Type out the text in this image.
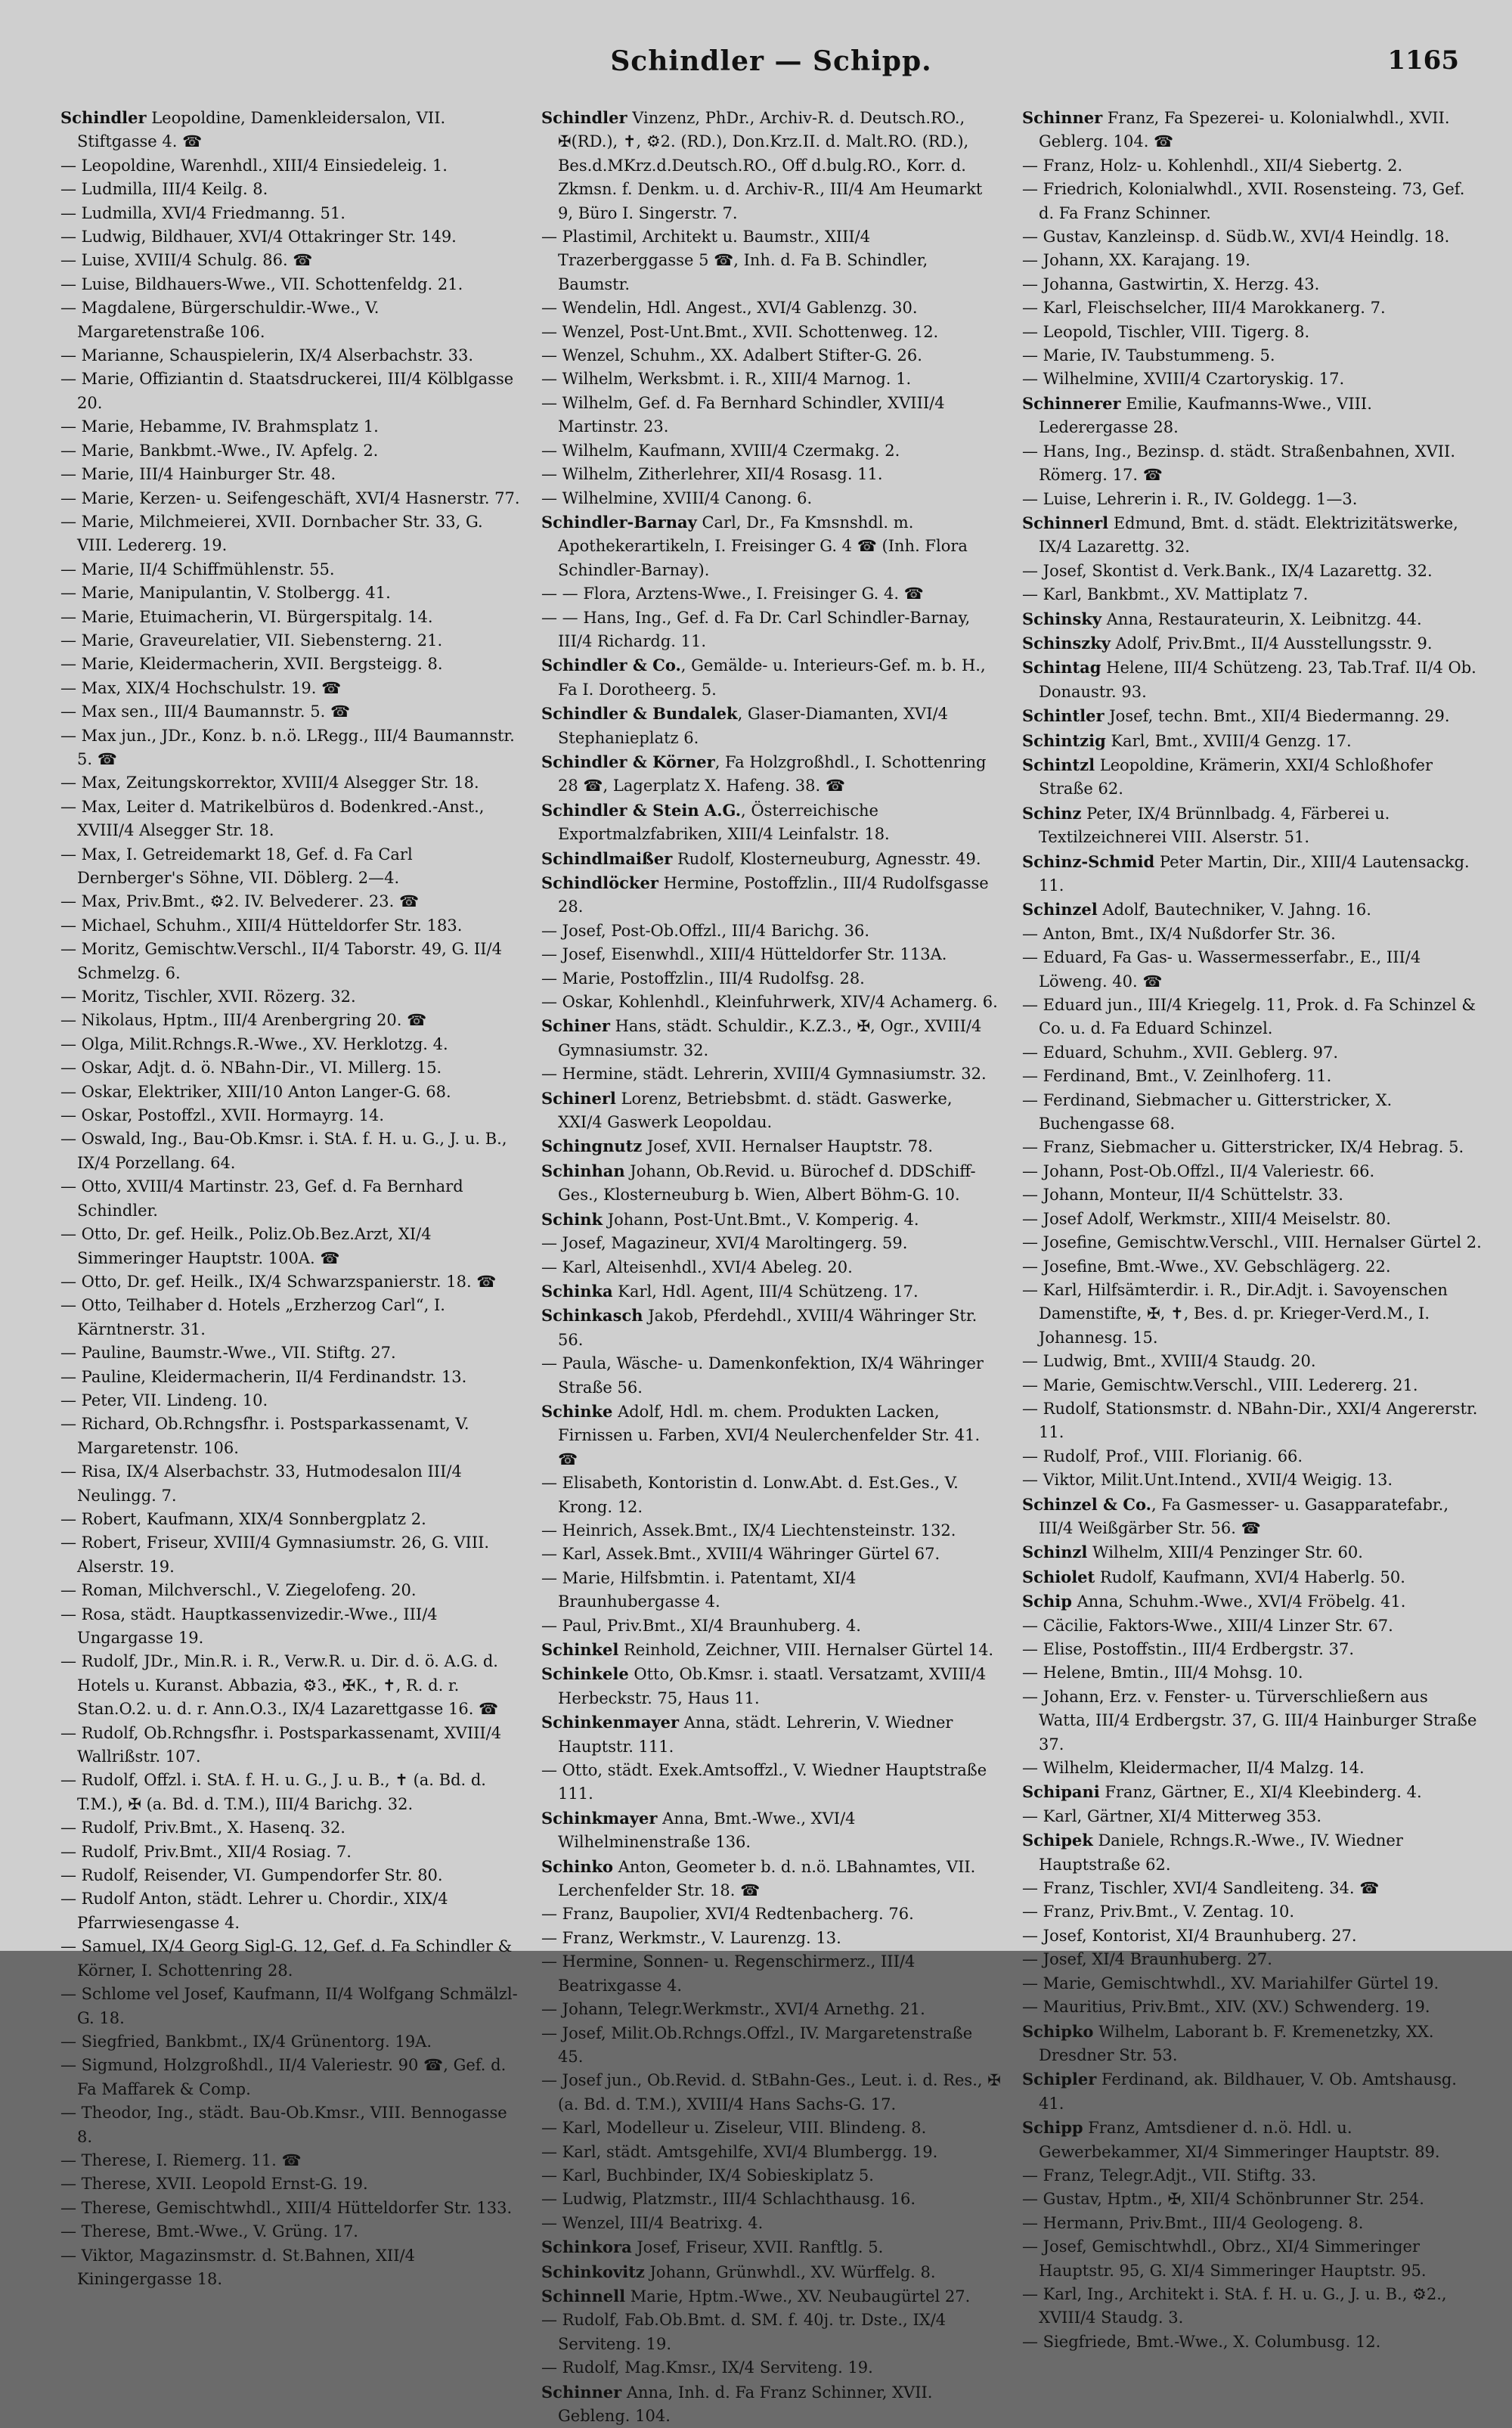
Schindler — Schipp.	1165

Schindler Leopoldine, Damenkleidersalon, VII. Stiftgasse 4. ☎

— Leopoldine, Warenhdl., XIII/4 Einsiedeleig. 1.

— Ludmilla, III/4 Keilg. 8.

— Ludmilla, XVI/4 Friedmanng. 51.

— Ludwig, Bildhauer, XVI/4 Ottakringer Str. 149.

— Luise, XVIII/4 Schulg. 86. ☎

— Luise, Bildhauers-Wwe., VII. Schottenfeldg. 21.

— Magdalene, Bürgerschuldir.-Wwe., V. Margaretenstraße 106.

— Marianne, Schauspielerin, IX/4 Alserbachstr. 33.

— Marie, Offiziantin d. Staatsdruckerei, III/4 Kölblgasse 20.

— Marie, Hebamme, IV. Brahmsplatz 1.

— Marie, Bankbmt.-Wwe., IV. Apfelg. 2.

— Marie, III/4 Hainburger Str. 48.

— Marie, Kerzen- u. Seifengeschäft, XVI/4 Hasnerstr. 77.

— Marie, Milchmeierei, XVII. Dornbacher Str. 33, G. VIII. Ledererg. 19.

— Marie, II/4 Schiffmühlenstr. 55.

— Marie, Manipulantin, V. Stolbergg. 41.

— Marie, Etuimacherin, VI. Bürgerspitalg. 14.

— Marie, Graveurelatier, VII. Siebensterng. 21.

— Marie, Kleidermacherin, XVII. Bergsteigg. 8.

— Max, XIX/4 Hochschulstr. 19. ☎

— Max sen., III/4 Baumannstr. 5. ☎

— Max jun., JDr., Konz. b. n.ö. LRegg., III/4 Baumannstr. 5. ☎

— Max, Zeitungskorrektor, XVIII/4 Alsegger Str. 18.

— Max, Leiter d. Matrikelbüros d. Bodenkred.-Anst., XVIII/4 Alsegger Str. 18.

— Max, I. Getreidemarkt 18, Gef. d. Fa Carl Dernberger's Söhne, VII. Döblerg. 2—4.

— Max, Priv.Bmt., ⚙2. IV. Belvederег. 23. ☎

— Michael, Schuhm., XIII/4 Hütteldorfer Str. 183.

— Moritz, Gemischtw.Verschl., II/4 Taborstr. 49, G. II/4 Schmelzg. 6.

— Moritz, Tischler, XVII. Rözerg. 32.

— Nikolaus, Hptm., III/4 Arenbergring 20. ☎

— Olga, Milit.Rchngs.R.-Wwe., XV. Herklotzg. 4.

— Oskar, Adjt. d. ö. NBahn-Dir., VI. Millerg. 15.

— Oskar, Elektriker, XIII/10 Anton Langer-G. 68.

— Oskar, Postoffzl., XVII. Hormayrg. 14.

— Oswald, Ing., Bau-Ob.Kmsr. i. StA. f. H. u. G., J. u. B., IX/4 Porzellang. 64.

— Otto, XVIII/4 Martinstr. 23, Gef. d. Fa Bernhard Schindler.

— Otto, Dr. gef. Heilk., Poliz.Ob.Bez.Arzt, XI/4 Simmeringer Hauptstr. 100A. ☎

— Otto, Dr. gef. Heilk., IX/4 Schwarzspanierstr. 18. ☎

— Otto, Teilhaber d. Hotels „Erzherzog Carl“, I. Kärntnerstr. 31.

— Pauline, Baumstr.-Wwe., VII. Stiftg. 27.

— Pauline, Kleidermacherin, II/4 Ferdinandstr. 13.

— Peter, VII. Lindeng. 10.

— Richard, Ob.Rchngsfhr. i. Postsparkassenamt, V. Margaretenstr. 106.

— Risa, IX/4 Alserbachstr. 33, Hutmodesalon III/4 Neulingg. 7.

— Robert, Kaufmann, XIX/4 Sonnbergplatz 2.

— Robert, Friseur, XVIII/4 Gymnasiumstr. 26, G. VIII. Alserstr. 19.

— Roman, Milchverschl., V. Ziegelofeng. 20.

— Rosa, städt. Hauptkassenvizedir.-Wwe., III/4 Ungargasse 19.

— Rudolf, JDr., Min.R. i. R., Verw.R. u. Dir. d. ö. A.G. d. Hotels u. Kuranst. Abbazia, ⚙3., ✠K., ✝, R. d. r. Stan.O.2. u. d. r. Ann.O.3., IX/4 Lazarettgasse 16. ☎

— Rudolf, Ob.Rchngsfhr. i. Postsparkassenamt, XVIII/4 Wallrißstr. 107.

— Rudolf, Offzl. i. StA. f. H. u. G., J. u. B., ✝ (a. Bd. d. T.M.), ✠ (a. Bd. d. T.M.), III/4 Barichg. 32.

— Rudolf, Priv.Bmt., X. Hasenq. 32.

— Rudolf, Priv.Bmt., XII/4 Rosiag. 7.

— Rudolf, Reisender, VI. Gumpendorfer Str. 80.

— Rudolf Anton, städt. Lehrer u. Chordir., XIX/4 Pfarrwiesengasse 4.

— Samuel, IX/4 Georg Sigl-G. 12, Gef. d. Fa Schindler & Körner, I. Schottenring 28.

— Schlome vel Josef, Kaufmann, II/4 Wolfgang Schmälzl-G. 18.

— Siegfried, Bankbmt., IX/4 Grünentorg. 19A.

— Sigmund, Holzgroßhdl., II/4 Valeriestr. 90 ☎, Gef. d. Fa Maffarek & Comp.

— Theodor, Ing., städt. Bau-Ob.Kmsr., VIII. Bennogasse 8.

— Therese, I. Riemerg. 11. ☎

— Therese, XVII. Leopold Ernst-G. 19.

— Therese, Gemischtwhdl., XIII/4 Hütteldorfer Str. 133.

— Therese, Bmt.-Wwe., V. Grüng. 17.

— Viktor, Magazinsmstr. d. St.Bahnen, XII/4 Kiningergasse 18.

Schindler Vinzenz, PhDr., Archiv-R. d. Deutsch.RO., ✠(RD.), ✝, ⚙2. (RD.), Don.Krz.II. d. Malt.RO. (RD.), Bes.d.MKrz.d.Deutsch.RO., Off d.bulg.RO., Korr. d. Zkmsn. f. Denkm. u. d. Archiv-R., III/4 Am Heumarkt 9, Büro I. Singerstr. 7.

— Plastimil, Architekt u. Baumstr., XIII/4 Trazerberggasse 5 ☎, Inh. d. Fa B. Schindler, Baumstr.

— Wendelin, Hdl. Angest., XVI/4 Gablenzg. 30.

— Wenzel, Post-Unt.Bmt., XVII. Schottenweg. 12.

— Wenzel, Schuhm., XX. Adalbert Stifter-G. 26.

— Wilhelm, Werksbmt. i. R., XIII/4 Marnog. 1.

— Wilhelm, Gef. d. Fa Bernhard Schindler, XVIII/4 Martinstr. 23.

— Wilhelm, Kaufmann, XVIII/4 Czermakg. 2.

— Wilhelm, Zitherlehrer, XII/4 Rosasg. 11.

— Wilhelmine, XVIII/4 Canong. 6.

Schindler-Barnay Carl, Dr., Fa Kmsnshdl. m. Apothekerartikeln, I. Freisinger G. 4 ☎ (Inh. Flora Schindler-Barnay).

— — Flora, Arztens-Wwe., I. Freisinger G. 4. ☎

— — Hans, Ing., Gef. d. Fa Dr. Carl Schindler-Barnay, III/4 Richardg. 11.

Schindler & Co., Gemälde- u. Interieurs-Gef. m. b. H., Fa I. Dorotheerg. 5.

Schindler & Bundalek, Glaser-Diamanten, XVI/4 Stephanieplatz 6.

Schindler & Körner, Fa Holzgroßhdl., I. Schottenring 28 ☎, Lagerplatz X. Hafeng. 38. ☎

Schindler & Stein A.G., Österreichische Exportmalzfabriken, XIII/4 Leinfalstr. 18.

Schindlmaißer Rudolf, Klosterneuburg, Agnesstr. 49.

Schindlöcker Hermine, Postoffzlin., III/4 Rudolfsgasse 28.

— Josef, Post-Ob.Offzl., III/4 Barichg. 36.

— Josef, Eisenwhdl., XIII/4 Hütteldorfer Str. 113A.

— Marie, Postoffzlin., III/4 Rudolfsg. 28.

— Oskar, Kohlenhdl., Kleinfuhrwerk, XIV/4 Achamerg. 6.

Schiner Hans, städt. Schuldir., K.Z.3., ✠, Ogr., XVIII/4 Gymnasiumstr. 32.

— Hermine, städt. Lehrerin, XVIII/4 Gymnasiumstr. 32.

Schinerl Lorenz, Betriebsbmt. d. städt. Gaswerke, XXI/4 Gaswerk Leopoldau.

Schingnutz Josef, XVII. Hernalser Hauptstr. 78.

Schinhan Johann, Ob.Revid. u. Bürochef d. DDSchiff-Ges., Klosterneuburg b. Wien, Albert Böhm-G. 10.

Schink Johann, Post-Unt.Bmt., V. Komperig. 4.

— Josef, Magazineur, XVI/4 Maroltingerg. 59.

— Karl, Alteisenhdl., XVI/4 Abeleg. 20.

Schinka Karl, Hdl. Agent, III/4 Schützeng. 17.

Schinkasch Jakob, Pferdehdl., XVIII/4 Währinger Str. 56.

— Paula, Wäsche- u. Damenkonfektion, IX/4 Währinger Straße 56.

Schinke Adolf, Hdl. m. chem. Produkten Lacken, Firnissen u. Farben, XVI/4 Neulerchenfelder Str. 41. ☎

— Elisabeth, Kontoristin d. Lonw.Abt. d. Est.Ges., V. Krong. 12.

— Heinrich, Assek.Bmt., IX/4 Liechtensteinstr. 132.

— Karl, Assek.Bmt., XVIII/4 Währinger Gürtel 67.

— Marie, Hilfsbmtin. i. Patentamt, XI/4 Braunhubergasse 4.

— Paul, Priv.Bmt., XI/4 Braunhuberg. 4.

Schinkel Reinhold, Zeichner, VIII. Hernalser Gürtel 14.

Schinkele Otto, Ob.Kmsr. i. staatl. Versatzamt, XVIII/4 Herbeckstr. 75, Haus 11.

Schinkenmayer Anna, städt. Lehrerin, V. Wiedner Hauptstr. 111.

— Otto, städt. Exek.Amtsoffzl., V. Wiedner Hauptstraße 111.

Schinkmayer Anna, Bmt.-Wwe., XVI/4 Wilhelminenstraße 136.

Schinko Anton, Geometer b. d. n.ö. LBahnamtes, VII. Lerchenfelder Str. 18. ☎

— Franz, Baupolier, XVI/4 Redtenbacherg. 76.

— Franz, Werkmstr., V. Laurenzg. 13.

— Hermine, Sonnen- u. Regenschirmerz., III/4 Beatrixgasse 4.

— Johann, Telegr.Werkmstr., XVI/4 Arnethg. 21.

— Josef, Milit.Ob.Rchngs.Offzl., IV. Margaretenstraße 45.

— Josef jun., Ob.Revid. d. StBahn-Ges., Leut. i. d. Res., ✠ (a. Bd. d. T.M.), XVIII/4 Hans Sachs-G. 17.

— Karl, Modelleur u. Ziseleur, VIII. Blindeng. 8.

— Karl, städt. Amtsgehilfe, XVI/4 Blumbergg. 19.

— Karl, Buchbinder, IX/4 Sobieskiplatz 5.

— Ludwig, Platzmstr., III/4 Schlachthausg. 16.

— Wenzel, III/4 Beatrixg. 4.

Schinkora Josef, Friseur, XVII. Ranftlg. 5.

Schinkovitz Johann, Grünwhdl., XV. Würffelg. 8.

Schinnell Marie, Hptm.-Wwe., XV. Neubaugürtel 27.

— Rudolf, Fab.Ob.Bmt. d. SM. f. 40j. tr. Dste., IX/4 Serviteng. 19.

— Rudolf, Mag.Kmsr., IX/4 Serviteng. 19.

Schinner Anna, Inh. d. Fa Franz Schinner, XVII. Gebleng. 104.

Schinner Franz, Fa Spezerei- u. Kolonialwhdl., XVII. Geblerg. 104. ☎

— Franz, Holz- u. Kohlenhdl., XII/4 Siebertg. 2.

— Friedrich, Kolonialwhdl., XVII. Rosensteing. 73, Gef. d. Fa Franz Schinner.

— Gustav, Kanzleinsp. d. Südb.W., XVI/4 Heindlg. 18.

— Johann, XX. Karajang. 19.

— Johanna, Gastwirtin, X. Herzg. 43.

— Karl, Fleischselcher, III/4 Marokkanerg. 7.

— Leopold, Tischler, VIII. Tigerg. 8.

— Marie, IV. Taubstummeng. 5.

— Wilhelmine, XVIII/4 Czartoryskig. 17.

Schinnerer Emilie, Kaufmanns-Wwe., VIII. Lederergasse 28.

— Hans, Ing., Bezinsp. d. städt. Straßenbahnen, XVII. Römerg. 17. ☎

— Luise, Lehrerin i. R., IV. Goldegg. 1—3.

Schinnerl Edmund, Bmt. d. städt. Elektrizitätswerke, IX/4 Lazarettg. 32.

— Josef, Skontist d. Verk.Bank., IX/4 Lazarettg. 32.

— Karl, Bankbmt., XV. Mattiplatz 7.

Schinsky Anna, Restaurateurin, X. Leibnitzg. 44.

Schinszky Adolf, Priv.Bmt., II/4 Ausstellungsstr. 9.

Schintag Helene, III/4 Schützeng. 23, Tab.Traf. II/4 Ob. Donaustr. 93.

Schintler Josef, techn. Bmt., XII/4 Biedermanng. 29.

Schintzig Karl, Bmt., XVIII/4 Genzg. 17.

Schintzl Leopoldine, Krämerin, XXI/4 Schloßhofer Straße 62.

Schinz Peter, IX/4 Brünnlbadg. 4, Färberei u. Textilzeichnerei VIII. Alserstr. 51.

Schinz-Schmid Peter Martin, Dir., XIII/4 Lautensackg. 11.

Schinzel Adolf, Bautechniker, V. Jahng. 16.

— Anton, Bmt., IX/4 Nußdorfer Str. 36.

— Eduard, Fa Gas- u. Wassermesserfabr., E., III/4 Löweng. 40. ☎

— Eduard jun., III/4 Kriegelg. 11, Prok. d. Fa Schinzel & Co. u. d. Fa Eduard Schinzel.

— Eduard, Schuhm., XVII. Geblerg. 97.

— Ferdinand, Bmt., V. Zeinlhoferg. 11.

— Ferdinand, Siebmacher u. Gitterstricker, X. Buchengasse 68.

— Franz, Siebmacher u. Gitterstricker, IX/4 Hebrag. 5.

— Johann, Post-Ob.Offzl., II/4 Valeriestr. 66.

— Johann, Monteur, II/4 Schüttelstr. 33.

— Josef Adolf, Werkmstr., XIII/4 Meiselstr. 80.

— Josefine, Gemischtw.Verschl., VIII. Hernalser Gürtel 2.

— Josefine, Bmt.-Wwe., XV. Gebschlägerg. 22.

— Karl, Hilfsämterdir. i. R., Dir.Adjt. i. Savoyenschen Damenstifte, ✠, ✝, Bes. d. pr. Krieger-Verd.M., I. Johannesg. 15.

— Ludwig, Bmt., XVIII/4 Staudg. 20.

— Marie, Gemischtw.Verschl., VIII. Ledererg. 21.

— Rudolf, Stationsmstr. d. NBahn-Dir., XXI/4 Angererstr. 11.

— Rudolf, Prof., VIII. Florianig. 66.

— Viktor, Milit.Unt.Intend., XVII/4 Weigig. 13.

Schinzel & Co., Fa Gasmesser- u. Gasapparatefabr., III/4 Weißgärber Str. 56. ☎

Schinzl Wilhelm, XIII/4 Penzinger Str. 60.

Schiolet Rudolf, Kaufmann, XVI/4 Haberlg. 50.

Schip Anna, Schuhm.-Wwe., XVI/4 Fröbelg. 41.

— Cäcilie, Faktors-Wwe., XIII/4 Linzer Str. 67.

— Elise, Postoffstin., III/4 Erdbergstr. 37.

— Helene, Bmtin., III/4 Mohsg. 10.

— Johann, Erz. v. Fenster- u. Türverschließern aus Watta, III/4 Erdbergstr. 37, G. III/4 Hainburger Straße 37.

— Wilhelm, Kleidermacher, II/4 Malzg. 14.

Schipani Franz, Gärtner, E., XI/4 Kleebinderg. 4.

— Karl, Gärtner, XI/4 Mitterweg 353.

Schipek Daniele, Rchngs.R.-Wwe., IV. Wiedner Hauptstraße 62.

— Franz, Tischler, XVI/4 Sandleiteng. 34. ☎

— Franz, Priv.Bmt., V. Zentag. 10.

— Josef, Kontorist, XI/4 Braunhuberg. 27.

— Josef, XI/4 Braunhuberg. 27.

— Marie, Gemischtwhdl., XV. Mariahilfer Gürtel 19.

— Mauritius, Priv.Bmt., XIV. (XV.) Schwenderg. 19.

Schipko Wilhelm, Laborant b. F. Kremenetzky, XX. Dresdner Str. 53.

Schipler Ferdinand, ak. Bildhauer, V. Ob. Amtshausg. 41.

Schipp Franz, Amtsdiener d. n.ö. Hdl. u. Gewerbekammer, XI/4 Simmeringer Hauptstr. 89.

— Franz, Telegr.Adjt., VII. Stiftg. 33.

— Gustav, Hptm., ✠, XII/4 Schönbrunner Str. 254.

— Hermann, Priv.Bmt., III/4 Geologeng. 8.

— Josef, Gemischtwhdl., Obrz., XI/4 Simmeringer Hauptstr. 95, G. XI/4 Simmeringer Hauptstr. 95.

— Karl, Ing., Architekt i. StA. f. H. u. G., J. u. B., ⚙2., XVIII/4 Staudg. 3.

— Siegfriede, Bmt.-Wwe., X. Columbusg. 12.
